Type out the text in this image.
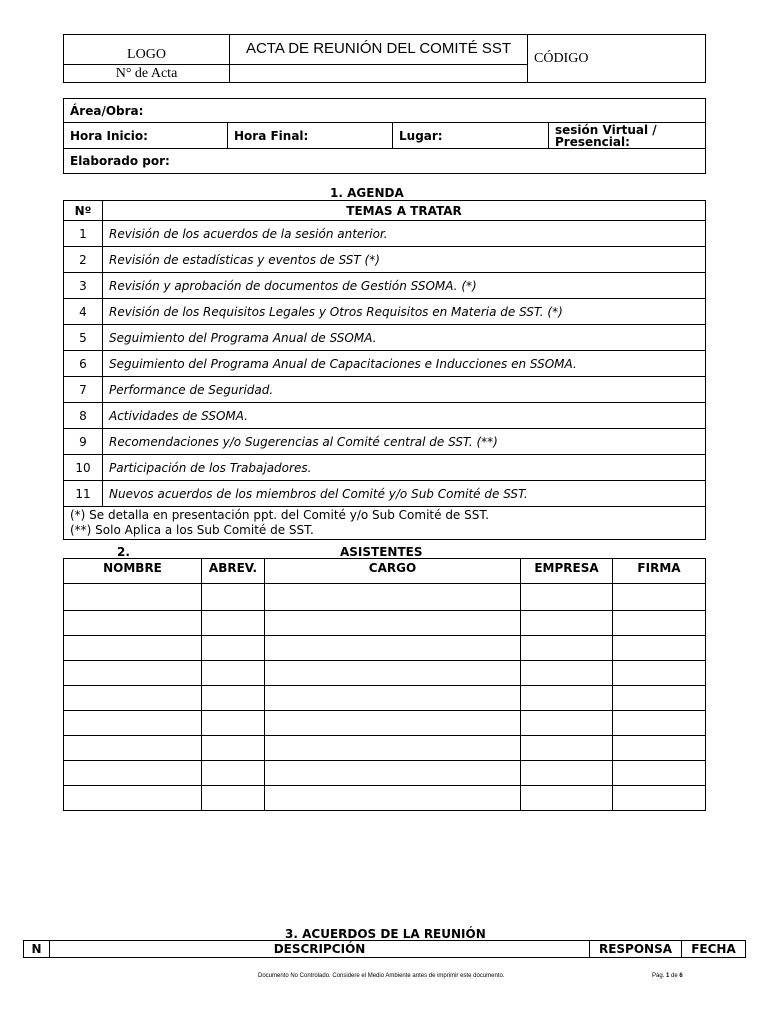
LOGO	ACTA DE REUNIÓN DEL COMITÉ SST	CÓDIGO
N° de Acta		
Área/Obra:
Hora Inicio:	Hora Final:	Lugar:	sesión Virtual /
Presencial:

Elaborado por:
1. AGENDA
Nº	TEMAS A TRATAR
1	Revisión de los acuerdos de la sesión anterior.
2	Revisión de estadísticas y eventos de SST (*)
3	Revisión y aprobación de documentos de Gestión SSOMA. (*)
4	Revisión de los Requisitos Legales y Otros Requisitos en Materia de SST. (*)
5	Seguimiento del Programa Anual de SSOMA.
6	Seguimiento del Programa Anual de Capacitaciones e Inducciones en SSOMA.
7	Performance de Seguridad.
8	Actividades de SSOMA.
9	Recomendaciones y/o Sugerencias al Comité central de SST. (**)
10	Participación de los Trabajadores.
11	Nuevos acuerdos de los miembros del Comité y/o Sub Comité de SST.

(*) Se detalla en presentación ppt. del Comité y/o Sub Comité de SST.
(**) Solo Aplica a los Sub Comité de SST.	
2.	ASISTENTES
NOMBRE	ABREV.	CARGO	EMPRESA	FIRMA

3. ACUERDOS DE LA REUNIÓN
N	DESCRIPCIÓN	RESPONSA	FECHA
Documento No Controlado. Considere el Medio Ambiente antes de imprimir este documento.	Pág. 1 de 6
